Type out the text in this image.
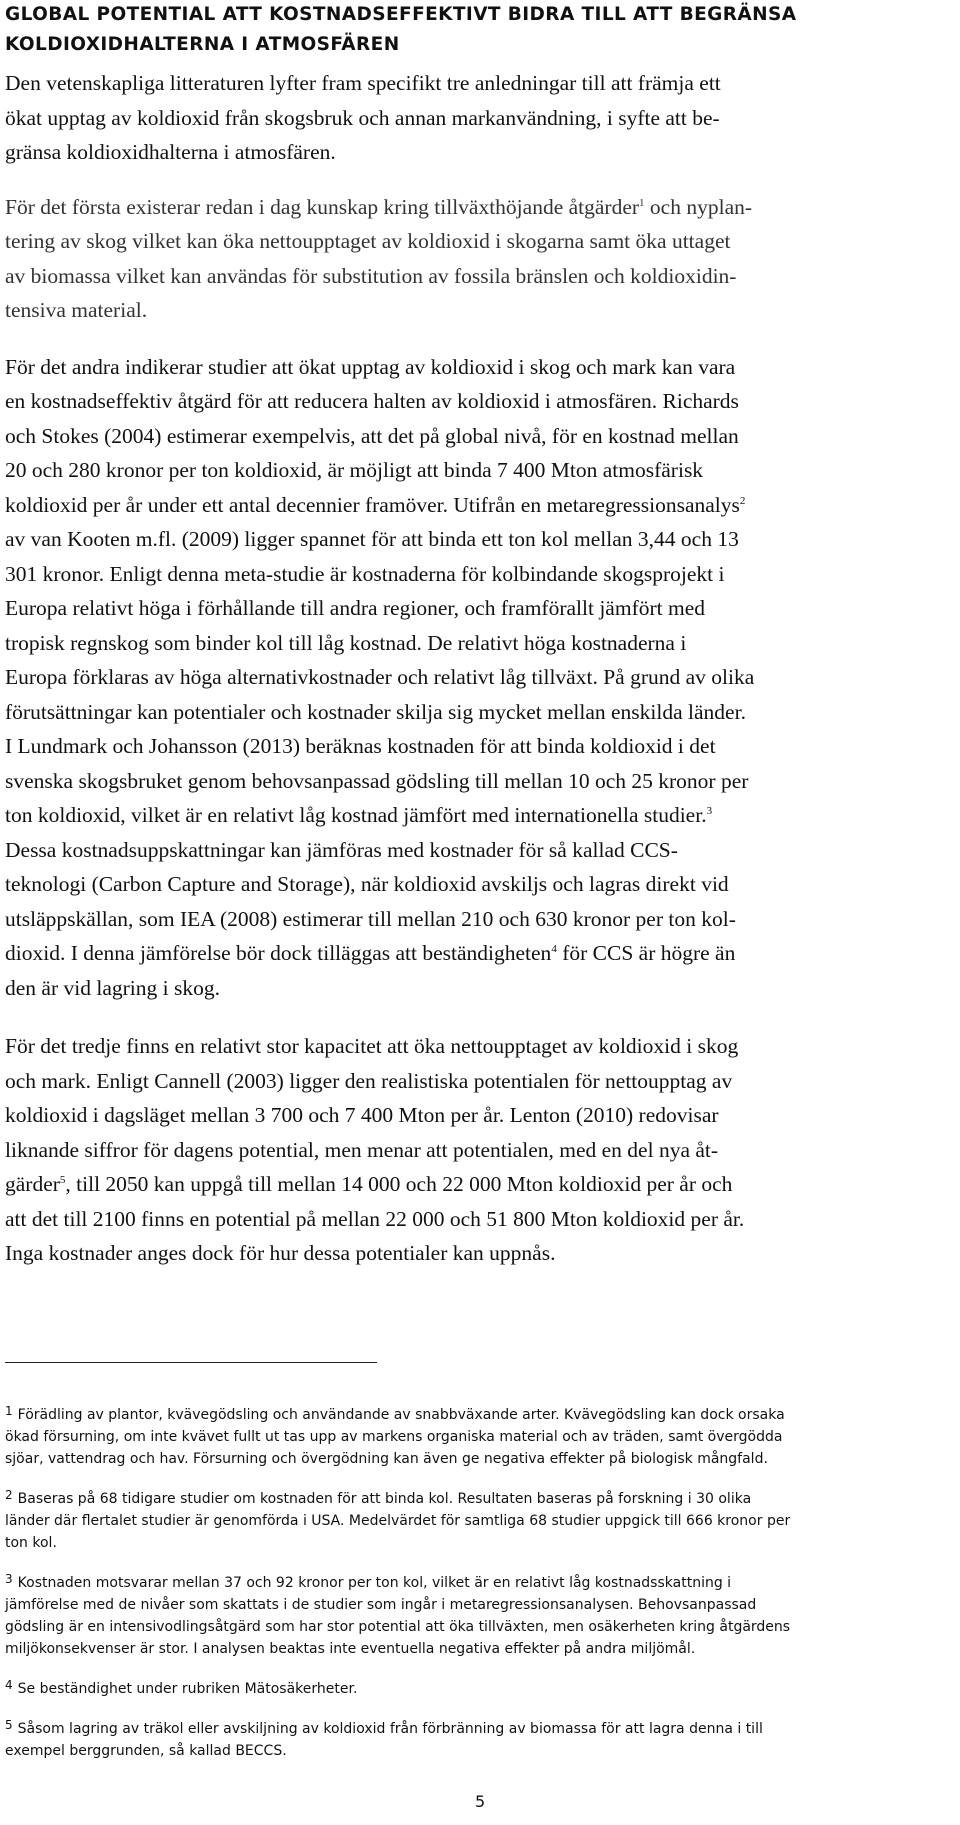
GLOBAL POTENTIAL ATT KOSTNADSEFFEKTIVT BIDRA TILL ATT BEGRÄNSA
KOLDIOXIDHALTERNA I ATMOSFÄREN

Den vetenskapliga litteraturen lyfter fram specifikt tre anledningar till att främja ett
ökat upptag av koldioxid från skogsbruk och annan markanvändning, i syfte att be-
gränsa koldioxidhalterna i atmosfären.

För det första existerar redan i dag kunskap kring tillväxthöjande åtgärder$^1$ och nyplan-
tering av skog vilket kan öka nettoupptaget av koldioxid i skogarna samt öka uttaget
av biomassa vilket kan användas för substitution av fossila bränslen och koldioxidin-
tensiva material.

För det andra indikerar studier att ökat upptag av koldioxid i skog och mark kan vara
en kostnadseffektiv åtgärd för att reducera halten av koldioxid i atmosfären. Richards
och Stokes (2004) estimerar exempelvis, att det på global nivå, för en kostnad mellan
20 och 280 kronor per ton koldioxid, är möjligt att binda 7 400 Mton atmosfärisk
koldioxid per år under ett antal decennier framöver. Utifrån en metaregressionsanalys$^2$
av van Kooten m.fl. (2009) ligger spannet för att binda ett ton kol mellan 3,44 och 13
301 kronor. Enligt denna meta-studie är kostnaderna för kolbindande skogsprojekt i
Europa relativt höga i förhållande till andra regioner, och framförallt jämfört med
tropisk regnskog som binder kol till låg kostnad. De relativt höga kostnaderna i
Europa förklaras av höga alternativkostnader och relativt låg tillväxt. På grund av olika
förutsättningar kan potentialer och kostnader skilja sig mycket mellan enskilda länder.
I Lundmark och Johansson (2013) beräknas kostnaden för att binda koldioxid i det
svenska skogsbruket genom behovsanpassad gödsling till mellan 10 och 25 kronor per
ton koldioxid, vilket är en relativt låg kostnad jämfört med internationella studier.$^3$
Dessa kostnadsuppskattningar kan jämföras med kostnader för så kallad CCS-
teknologi (Carbon Capture and Storage), när koldioxid avskiljs och lagras direkt vid
utsläppskällan, som IEA (2008) estimerar till mellan 210 och 630 kronor per ton kol-
dioxid. I denna jämförelse bör dock tilläggas att beständigheten$^4$ för CCS är högre än
den är vid lagring i skog.

För det tredje finns en relativt stor kapacitet att öka nettoupptaget av koldioxid i skog
och mark. Enligt Cannell (2003) ligger den realistiska potentialen för nettoupptag av
koldioxid i dagsläget mellan 3 700 och 7 400 Mton per år. Lenton (2010) redovisar
liknande siffror för dagens potential, men menar att potentialen, med en del nya åt-
gärder$^5$, till 2050 kan uppgå till mellan 14 000 och 22 000 Mton koldioxid per år och
att det till 2100 finns en potential på mellan 22 000 och 51 800 Mton koldioxid per år.
Inga kostnader anges dock för hur dessa potentialer kan uppnås.

1 Förädling av plantor, kvävegödsling och användande av snabbväxande arter. Kvävegödsling kan dock orsaka
ökad försurning, om inte kvävet fullt ut tas upp av markens organiska material och av träden, samt övergödda
sjöar, vattendrag och hav. Försurning och övergödning kan även ge negativa effekter på biologisk mångfald.

2 Baseras på 68 tidigare studier om kostnaden för att binda kol. Resultaten baseras på forskning i 30 olika
länder där flertalet studier är genomförda i USA. Medelvärdet för samtliga 68 studier uppgick till 666 kronor per
ton kol.

3 Kostnaden motsvarar mellan 37 och 92 kronor per ton kol, vilket är en relativt låg kostnadsskattning i
jämförelse med de nivåer som skattats i de studier som ingår i metaregressionsanalysen. Behovsanpassad
gödsling är en intensivodlingsåtgärd som har stor potential att öka tillväxten, men osäkerheten kring åtgärdens
miljökonsekvenser är stor. I analysen beaktas inte eventuella negativa effekter på andra miljömål.

4 Se beständighet under rubriken Mätosäkerheter.

5 Såsom lagring av träkol eller avskiljning av koldioxid från förbränning av biomassa för att lagra denna i till
exempel berggrunden, så kallad BECCS.

5
